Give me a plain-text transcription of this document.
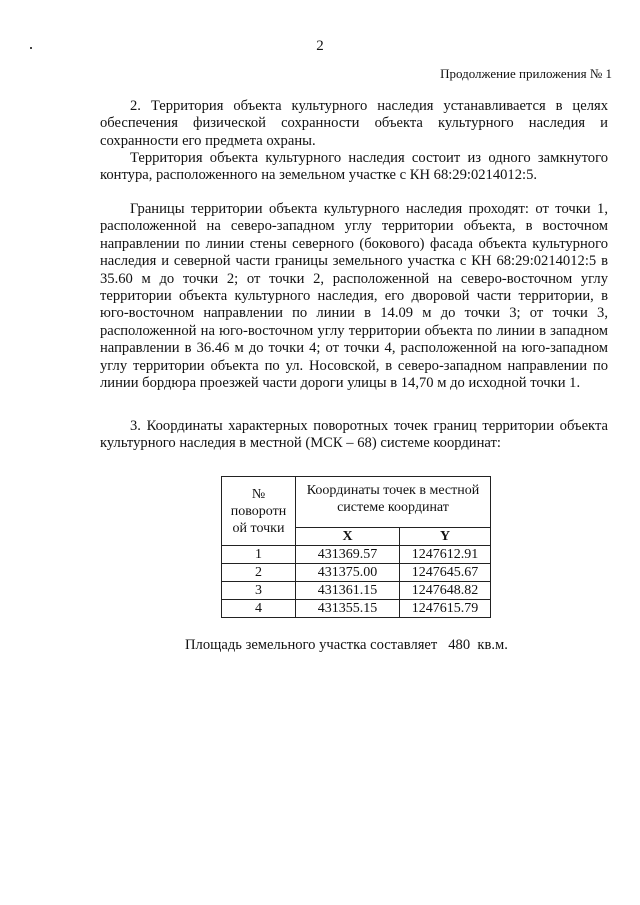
2
Продолжение приложения № 1

2. Территория объекта культурного наследия устанавливается в целях обеспечения физической сохранности объекта культурного наследия и сохранности его предмета охраны.

Территория объекта культурного наследия состоит из одного замкнутого контура, расположенного на земельном участке с КН 68:29:0214012:5.

Границы территории объекта культурного наследия проходят: от точки 1, расположенной на северо-западном углу территории объекта, в восточном направлении по линии стены северного (бокового) фасада объекта культурного наследия и северной части границы земельного участка с КН 68:29:0214012:5 в 35.60 м до точки 2; от точки 2, расположенной на северо-восточном углу территории объекта культурного наследия, его дворовой части территории, в юго-восточном направлении по линии в 14.09 м до точки 3; от точки 3, расположенной на юго-восточном углу территории объекта по линии в западном направлении в 36.46 м до точки 4; от точки 4, расположенной на юго-западном углу территории объекта по ул. Носовской, в северо-западном направлении по линии бордюра проезжей части дороги улицы в 14,70 м до исходной точки 1.

3. Координаты характерных поворотных точек границ территории объекта культурного наследия в местной (МСК – 68) системе координат:

№ поворотн ой точки	Координаты точек в местной системе координат	
	X	Y
1	431369.57	1247612.91
2	431375.00	1247645.67
3	431361.15	1247648.82
4	431355.15	1247615.79
Площадь земельного участка составляет   480  кв.м.
